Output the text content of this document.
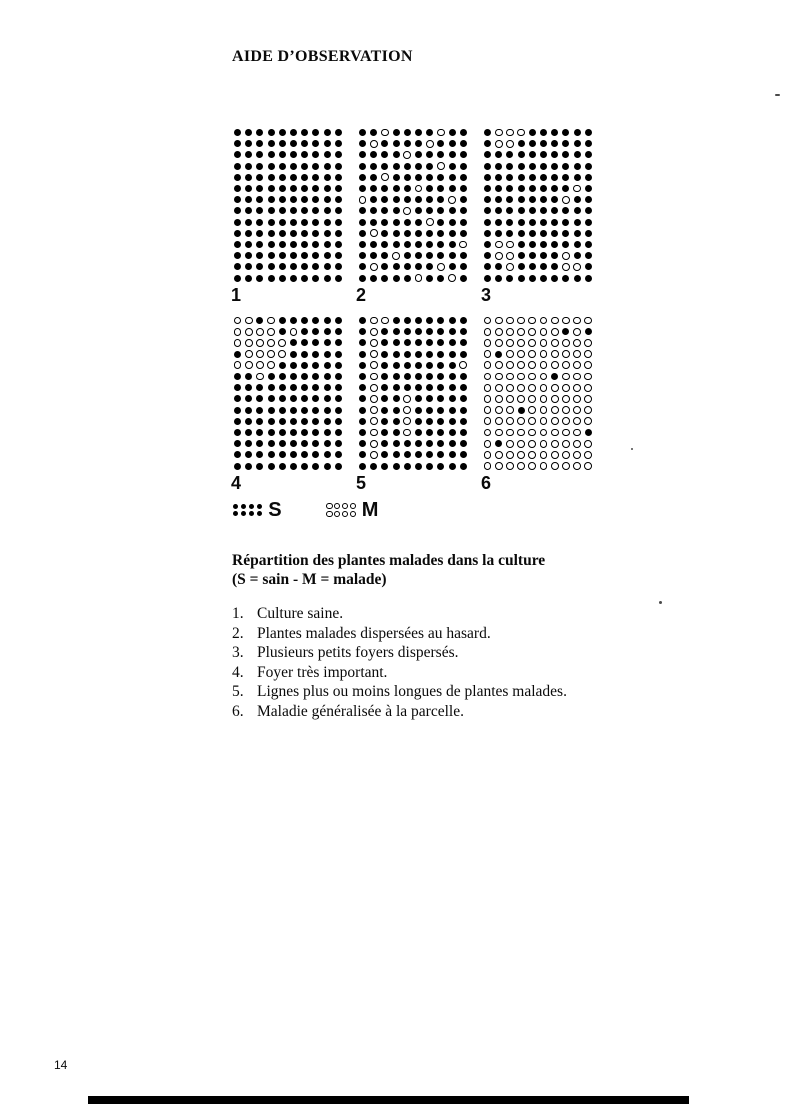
AIDE D’OBSERVATION
1	2	3
4	5	6
S	M
Répartition des plantes malades dans la culture
(S = sain - M = malade)
1. Culture saine.
2. Plantes malades dispersées au hasard.
3. Plusieurs petits foyers dispersés.
4. Foyer très important.
5. Lignes plus ou moins longues de plantes malades.
6. Maladie généralisée à la parcelle.
14
